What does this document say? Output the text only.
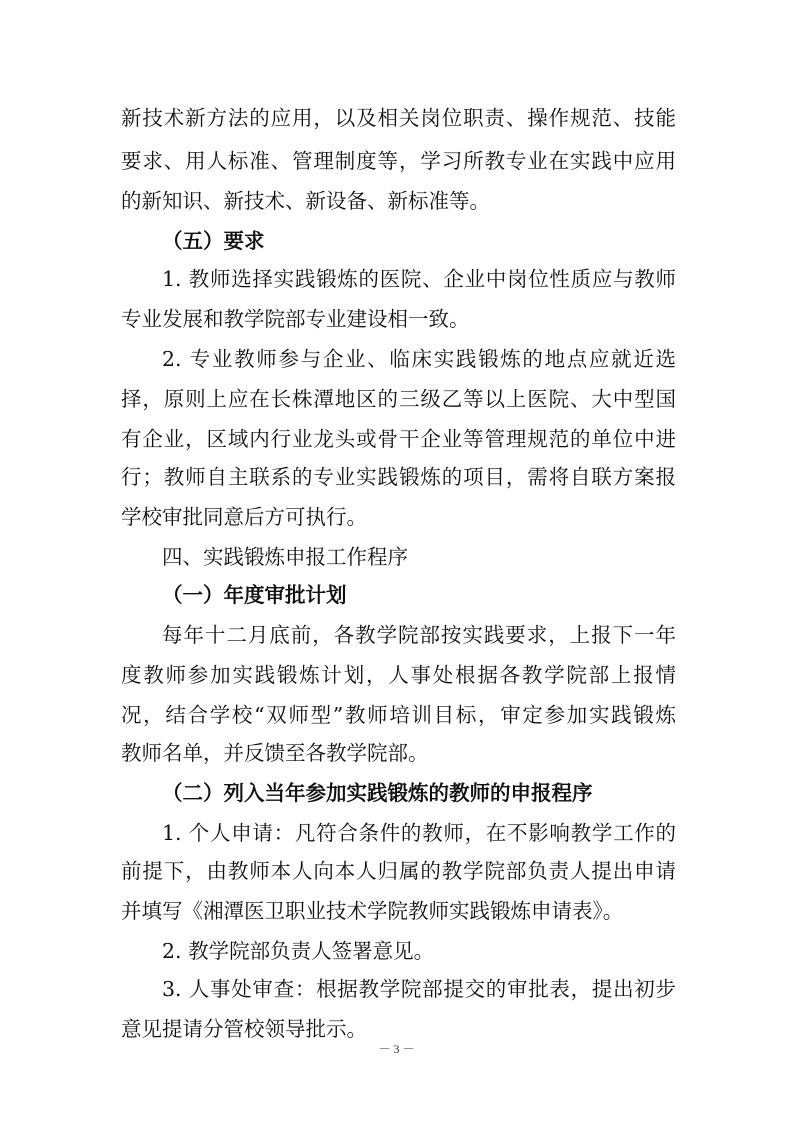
新技术新方法的应用，以及相关岗位职责、操作规范、技能
要求、用人标准、管理制度等，学习所教专业在实践中应用
的新知识、新技术、新设备、新标准等。
（五）要求
1. 教师选择实践锻炼的医院、企业中岗位性质应与教师
专业发展和教学院部专业建设相一致。
2. 专业教师参与企业、临床实践锻炼的地点应就近选
择，原则上应在长株潭地区的三级乙等以上医院、大中型国
有企业，区域内行业龙头或骨干企业等管理规范的单位中进
行；教师自主联系的专业实践锻炼的项目，需将自联方案报
学校审批同意后方可执行。
四、实践锻炼申报工作程序
（一）年度审批计划
每年十二月底前，各教学院部按实践要求，上报下一年
度教师参加实践锻炼计划，人事处根据各教学院部上报情
况，结合学校“双师型”教师培训目标，审定参加实践锻炼
教师名单，并反馈至各教学院部。
（二）列入当年参加实践锻炼的教师的申报程序
1. 个人申请：凡符合条件的教师，在不影响教学工作的
前提下，由教师本人向本人归属的教学院部负责人提出申请
并填写《湘潭医卫职业技术学院教师实践锻炼申请表》。
2. 教学院部负责人签署意见。
3. 人事处审查：根据教学院部提交的审批表，提出初步
意见提请分管校领导批示。
－ 3 －
